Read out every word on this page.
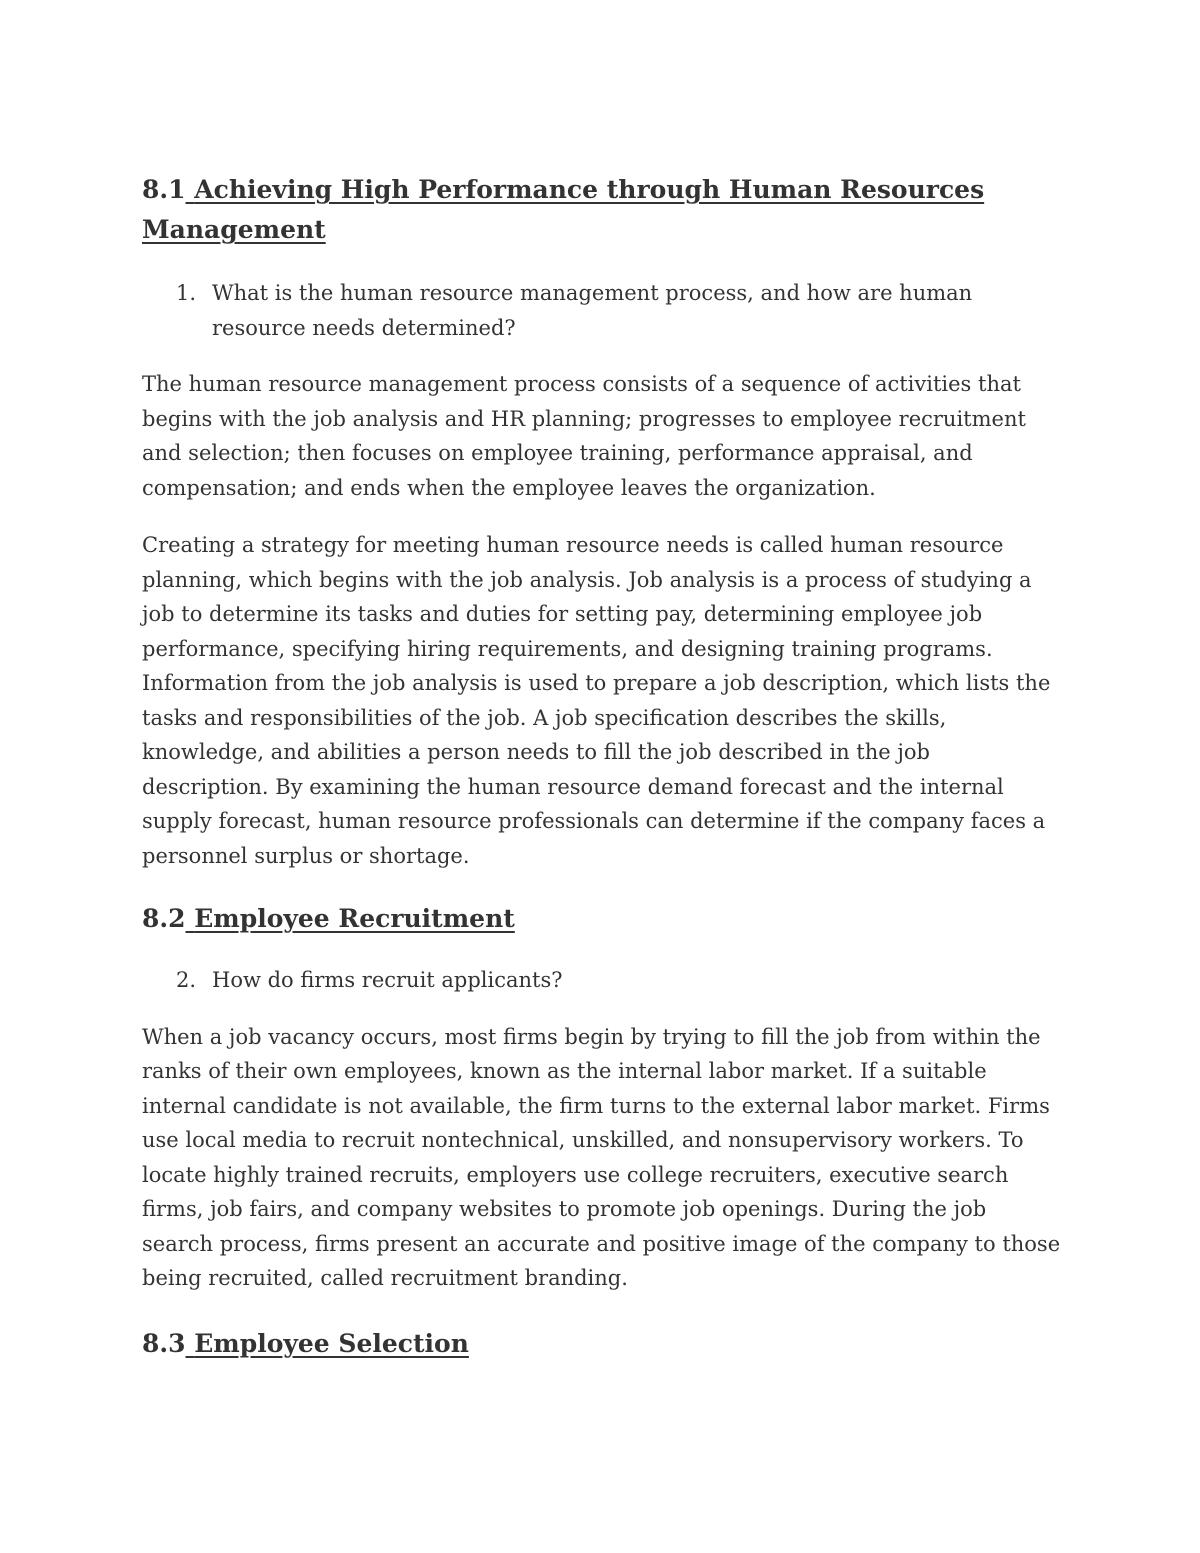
8.1 Achieving High Performance through Human Resources Management
1. What is the human resource management process, and how are human resource needs determined?

The human resource management process consists of a sequence of activities that begins with the job analysis and HR planning; progresses to employee recruitment and selection; then focuses on employee training, performance appraisal, and compensation; and ends when the employee leaves the organization.

Creating a strategy for meeting human resource needs is called human resource planning, which begins with the job analysis. Job analysis is a process of studying a job to determine its tasks and duties for setting pay, determining employee job performance, specifying hiring requirements, and designing training programs. Information from the job analysis is used to prepare a job description, which lists the tasks and responsibilities of the job. A job specification describes the skills, knowledge, and abilities a person needs to fill the job described in the job description. By examining the human resource demand forecast and the internal supply forecast, human resource professionals can determine if the company faces a personnel surplus or shortage.

8.2 Employee Recruitment
2. How do firms recruit applicants?

When a job vacancy occurs, most firms begin by trying to fill the job from within the ranks of their own employees, known as the internal labor market. If a suitable internal candidate is not available, the firm turns to the external labor market. Firms use local media to recruit nontechnical, unskilled, and nonsupervisory workers. To locate highly trained recruits, employers use college recruiters, executive search firms, job fairs, and company websites to promote job openings. During the job search process, firms present an accurate and positive image of the company to those being recruited, called recruitment branding.

8.3 Employee Selection
